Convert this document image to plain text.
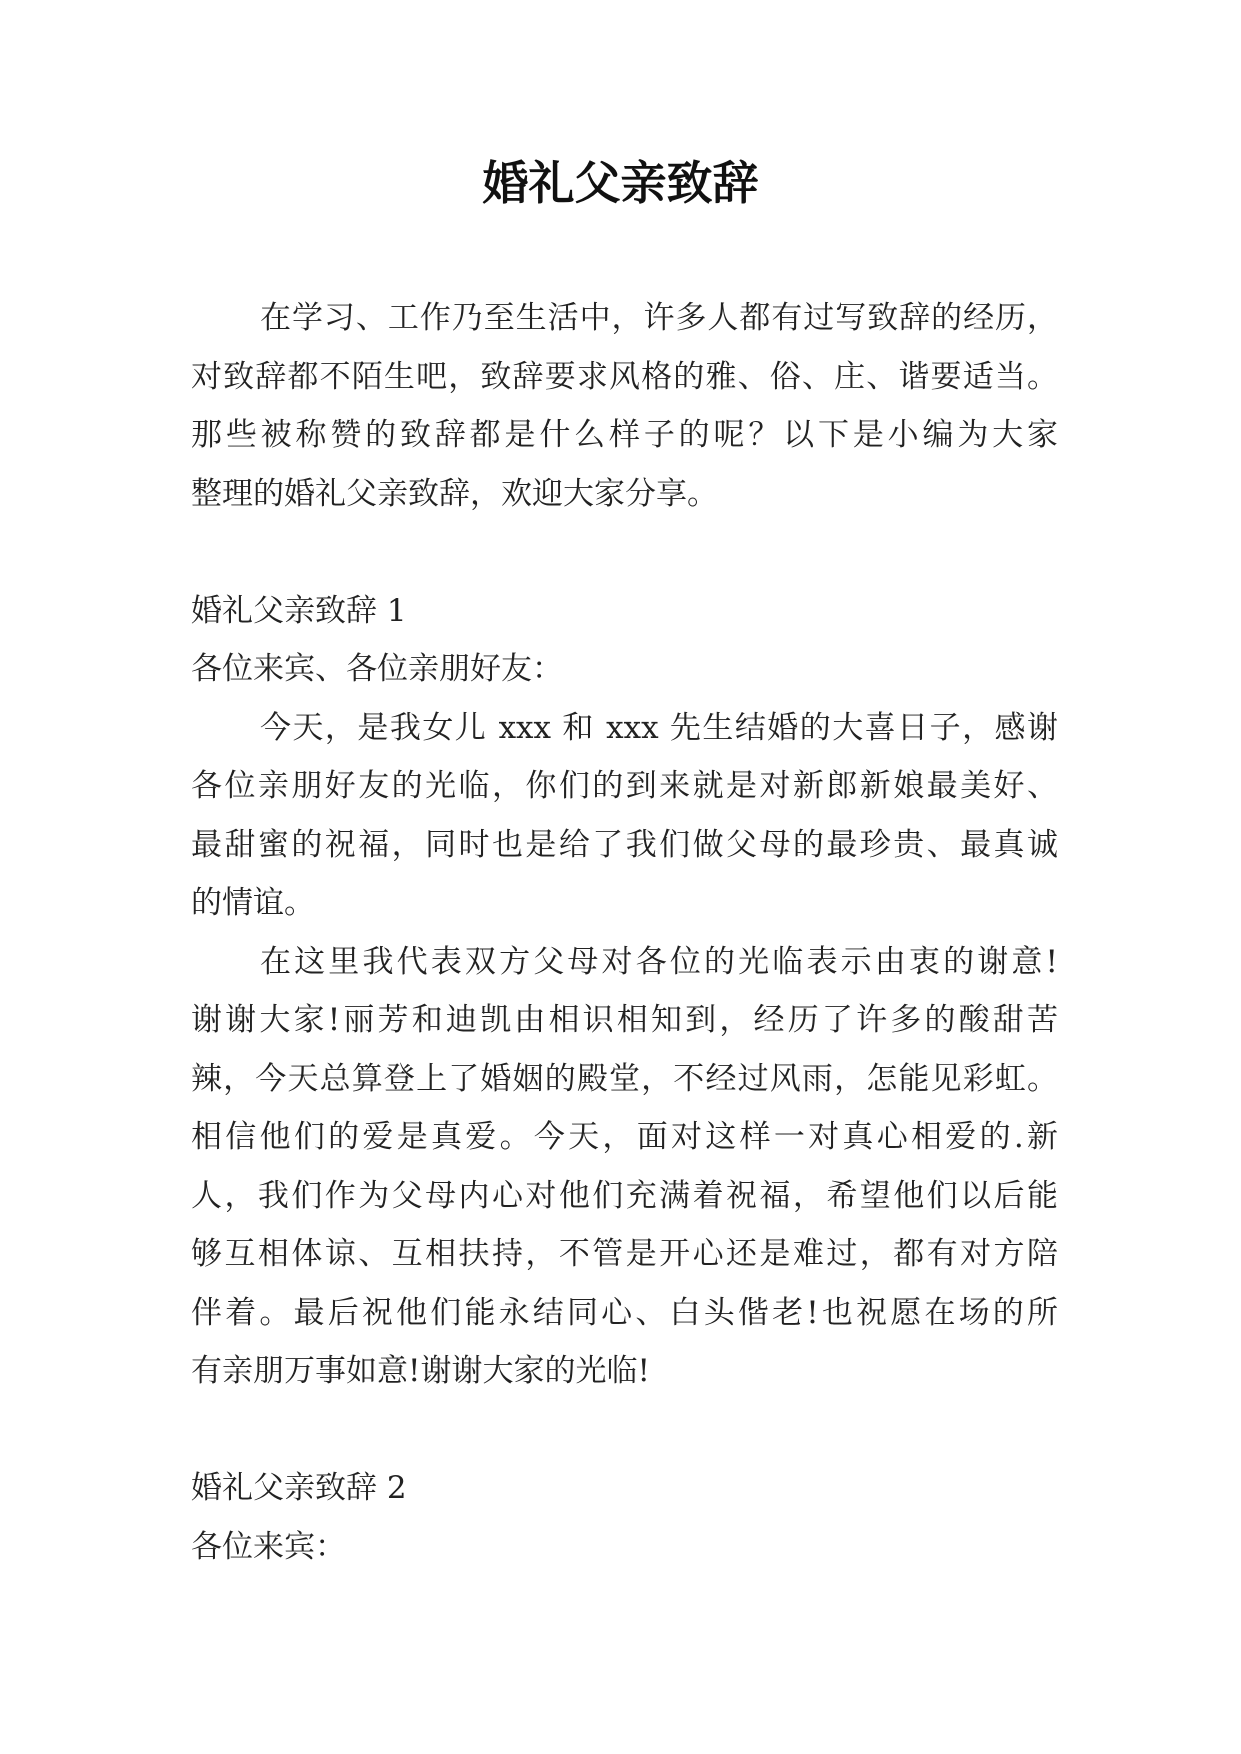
婚礼父亲致辞
在学习、工作乃至生活中，许多人都有过写致辞的经历，
对致辞都不陌生吧，致辞要求风格的雅、俗、庄、谐要适当。
那些被称赞的致辞都是什么样子的呢？以下是小编为大家
整理的婚礼父亲致辞，欢迎大家分享。
婚礼父亲致辞 1
各位来宾、各位亲朋好友：
今天，是我女儿 xxx 和 xxx 先生结婚的大喜日子，感谢
各位亲朋好友的光临，你们的到来就是对新郎新娘最美好、
最甜蜜的祝福，同时也是给了我们做父母的最珍贵、最真诚
的情谊。
在这里我代表双方父母对各位的光临表示由衷的谢意!
谢谢大家!丽芳和迪凯由相识相知到，经历了许多的酸甜苦
辣，今天总算登上了婚姻的殿堂，不经过风雨，怎能见彩虹。
相信他们的爱是真爱。今天，面对这样一对真心相爱的.新
人，我们作为父母内心对他们充满着祝福，希望他们以后能
够互相体谅、互相扶持，不管是开心还是难过，都有对方陪
伴着。最后祝他们能永结同心、白头偕老!也祝愿在场的所
有亲朋万事如意!谢谢大家的光临!
婚礼父亲致辞 2
各位来宾：
